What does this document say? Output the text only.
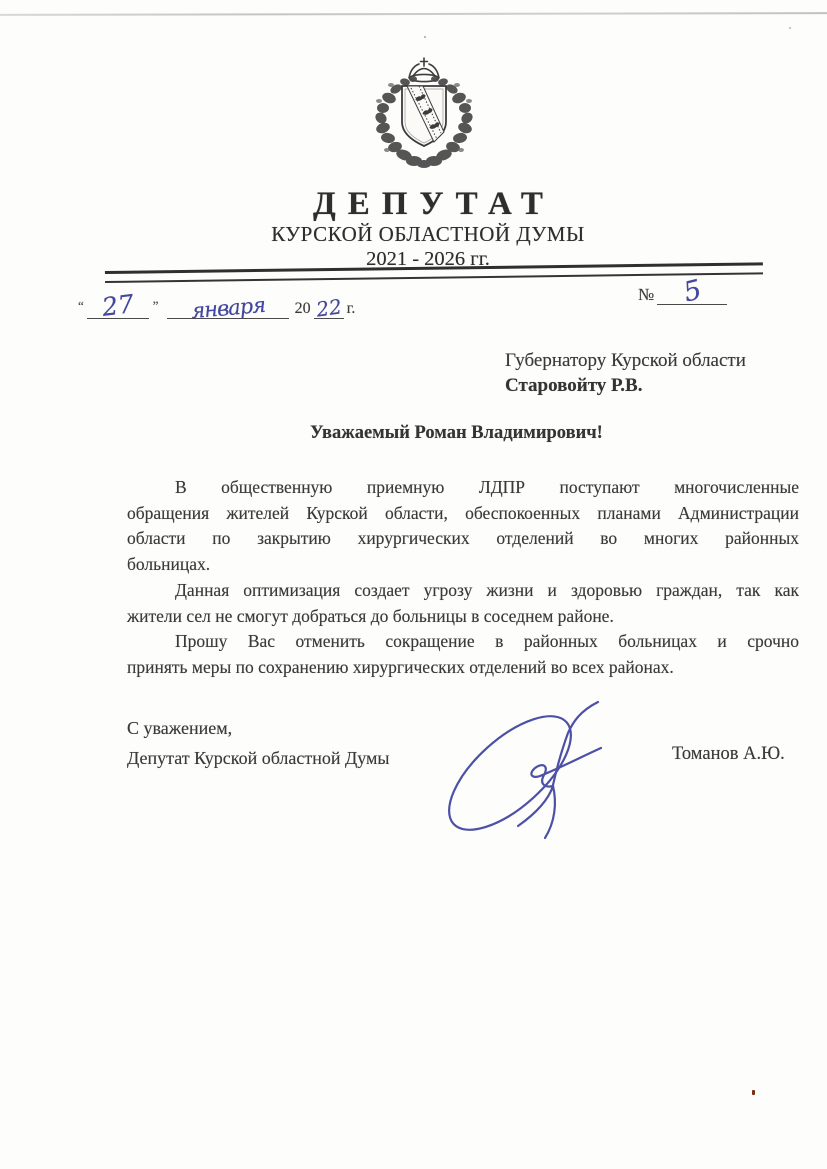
ДЕПУТАТ
КУРСКОЙ ОБЛАСТНОЙ ДУМЫ
2021 - 2026 гг.
“ 27	”	января	20 22 г.
№ 5
Губернатору Курской области
Старовойту Р.В.
Уважаемый Роман Владимирович!

В общественную приемную ЛДПР поступают многочисленные
обращения жителей Курской области, обеспокоенных планами Администрации
области по закрытию хирургических отделений во многих районных
больницах.

Данная оптимизация создает угрозу жизни и здоровью граждан, так как
жители сел не смогут добраться до больницы в соседнем районе.

Прошу Вас отменить сокращение в районных больницах и срочно
принять меры по сохранению хирургических отделений во всех районах.

С уважением,
Депутат Курской областной Думы	Томанов А.Ю.
